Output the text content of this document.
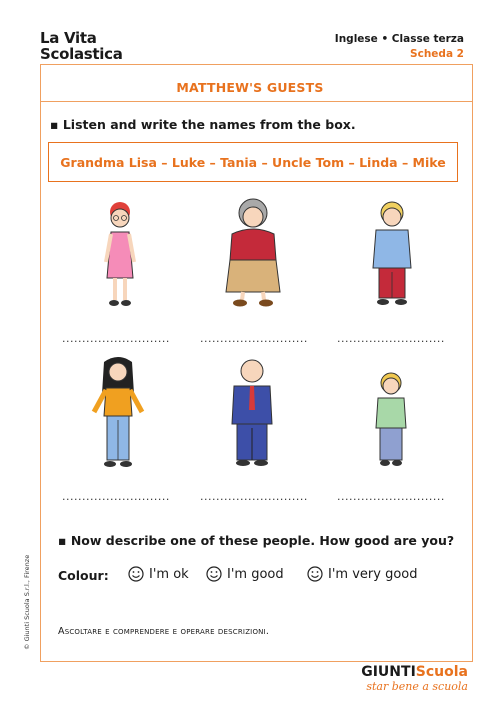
La Vita
Scolastica
Inglese • Classe terza
Scheda 2
MATTHEW'S GUESTS
▪ Listen and write the names from the box.
Grandma Lisa – Luke – Tania – Uncle Tom – Linda – Mike
...........................	...........................	...........................
...........................	...........................	...........................
▪ Now describe one of these people. How good are you?
Colour:	I'm ok	I'm good	I'm very good
Ascoltare e comprendere e operare descrizioni.
© Giunti Scuola S.r.l., Firenze
GIUNTIScuola
star bene a scuola
